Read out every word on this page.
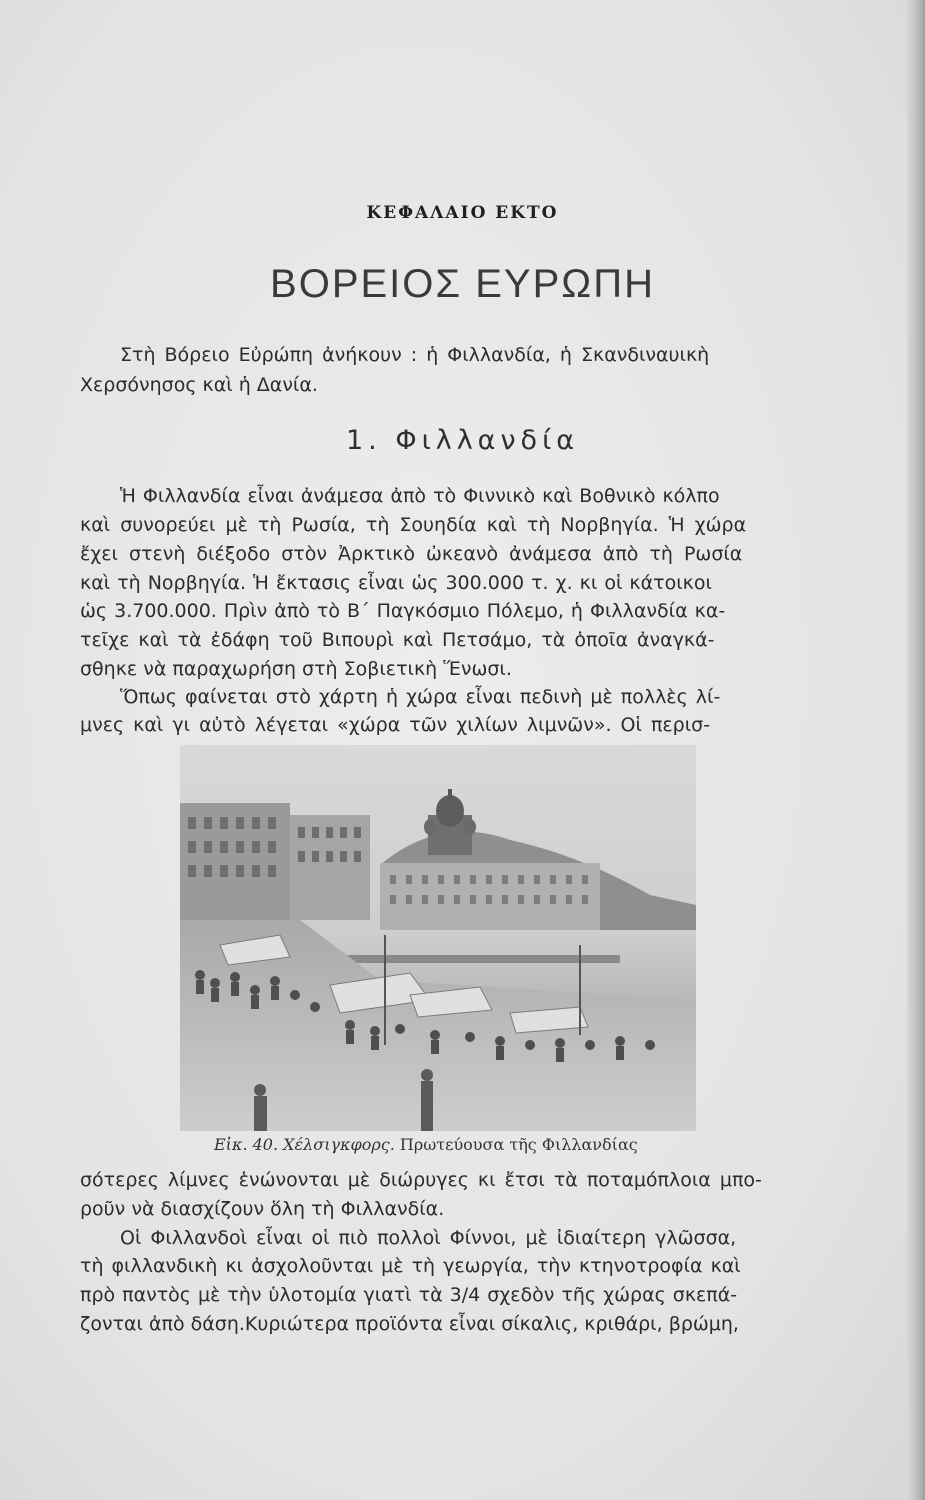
ΚΕΦΑΛΑΙΟ ΕΚΤΟ
ΒΟΡΕΙΟΣ ΕΥΡΩΠΗ
Στὴ Βόρειο Εὐρώπη ἀνήκουν : ἡ Φιλλανδία, ἡ Σκανδιναυικὴ
Χερσόνησος καὶ ἡ Δανία.
1. Φιλλανδία
Ἡ Φιλλανδία εἶναι ἀνάμεσα ἀπὸ τὸ Φιννικὸ καὶ Βοθνικὸ κόλπο
καὶ συνορεύει μὲ τὴ Ρωσία, τὴ Σουηδία καὶ τὴ Νορβηγία. Ἡ χώρα
ἔχει στενὴ διέξοδο στὸν Ἀρκτικὸ ὠκεανὸ ἀνάμεσα ἀπὸ τὴ Ρωσία
καὶ τὴ Νορβηγία. Ἡ ἔκτασις εἶναι ὡς 300.000 τ. χ. κι οἱ κάτοικοι
ὡς 3.700.000. Πρὶν ἀπὸ τὸ Β΄ Παγκόσμιο Πόλεμο, ἡ Φιλλανδία κα-
τεῖχε καὶ τὰ ἐδάφη τοῦ Βιπουρὶ καὶ Πετσάμο, τὰ ὁποῖα ἀναγκά-
σθηκε νὰ παραχωρήση στὴ Σοβιετικὴ Ἕνωσι.
Ὅπως φαίνεται στὸ χάρτη ἡ χώρα εἶναι πεδινὴ μὲ πολλὲς λί-
μνες καὶ γι αὐτὸ λέγεται «χώρα τῶν χιλίων λιμνῶν». Οἱ περισ-
Εἰκ. 40. Χέλσιγκφορς. Πρωτεύουσα τῆς Φιλλανδίας
σότερες λίμνες ἑνώνονται μὲ διώρυγες κι ἔτσι τὰ ποταμόπλοια μπο-
ροῦν νὰ διασχίζουν ὅλη τὴ Φιλλανδία.
Οἱ Φιλλανδοὶ εἶναι οἱ πιὸ πολλοὶ Φίννοι, μὲ ἰδιαίτερη γλῶσσα,
τὴ φιλλανδικὴ κι ἀσχολοῦνται μὲ τὴ γεωργία, τὴν κτηνοτροφία καὶ
πρὸ παντὸς μὲ τὴν ὑλοτομία γιατὶ τὰ 3/4 σχεδὸν τῆς χώρας σκεπά-
ζονται ἀπὸ δάση.Κυριώτερα προϊόντα εἶναι σίκαλις, κριθάρι, βρώμη,
